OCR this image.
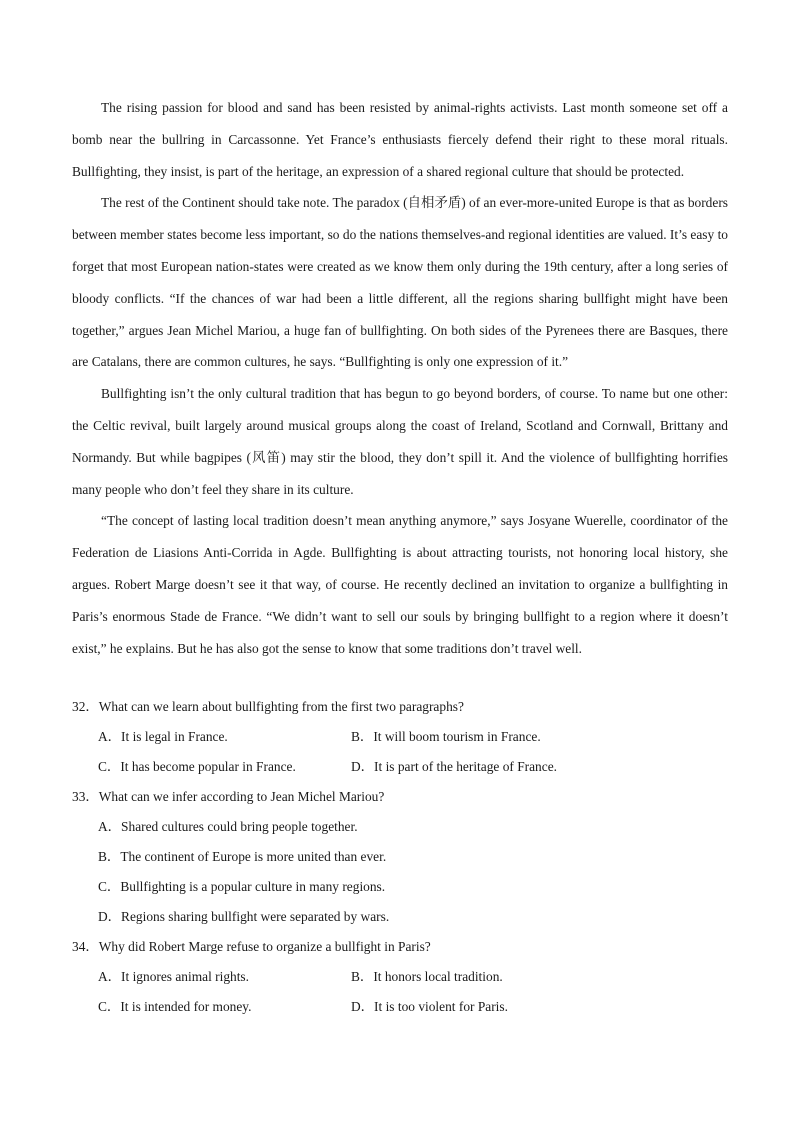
The rising passion for blood and sand has been resisted by animal-rights activists. Last month someone set off a bomb near the bullring in Carcassonne. Yet France’s enthusiasts fiercely defend their right to these moral rituals. Bullfighting, they insist, is part of the heritage, an expression of a shared regional culture that should be protected.

The rest of the Continent should take note. The paradox (自相矛盾) of an ever-more-united Europe is that as borders between member states become less important, so do the nations themselves-and regional identities are valued. It’s easy to forget that most European nation-states were created as we know them only during the 19th century, after a long series of bloody conflicts. “If the chances of war had been a little different, all the regions sharing bullfight might have been together,” argues Jean Michel Mariou, a huge fan of bullfighting. On both sides of the Pyrenees there are Basques, there are Catalans, there are common cultures, he says. “Bullfighting is only one expression of it.”

Bullfighting isn’t the only cultural tradition that has begun to go beyond borders, of course. To name but one other: the Celtic revival, built largely around musical groups along the coast of Ireland, Scotland and Cornwall, Brittany and Normandy. But while bagpipes (风笛) may stir the blood, they don’t spill it. And the violence of bullfighting horrifies many people who don’t feel they share in its culture.

“The concept of lasting local tradition doesn’t mean anything anymore,” says Josyane Wuerelle, coordinator of the Federation de Liasions Anti-Corrida in Agde. Bullfighting is about attracting tourists, not honoring local history, she argues. Robert Marge doesn’t see it that way, of course. He recently declined an invitation to organize a bullfighting in Paris’s enormous Stade de France. “We didn’t want to sell our souls by bringing bullfight to a region where it doesn’t exist,” he explains. But he has also got the sense to know that some traditions don’t travel well.

32．What can we learn about bullfighting from the first two paragraphs?
A．It is legal in France.	B．It will boom tourism in France.
C．It has become popular in France.	D．It is part of the heritage of France.
33．What can we infer according to Jean Michel Mariou?
A．Shared cultures could bring people together.
B．The continent of Europe is more united than ever.
C．Bullfighting is a popular culture in many regions.
D．Regions sharing bullfight were separated by wars.
34．Why did Robert Marge refuse to organize a bullfight in Paris?
A．It ignores animal rights.	B．It honors local tradition.
C．It is intended for money.	D．It is too violent for Paris.
